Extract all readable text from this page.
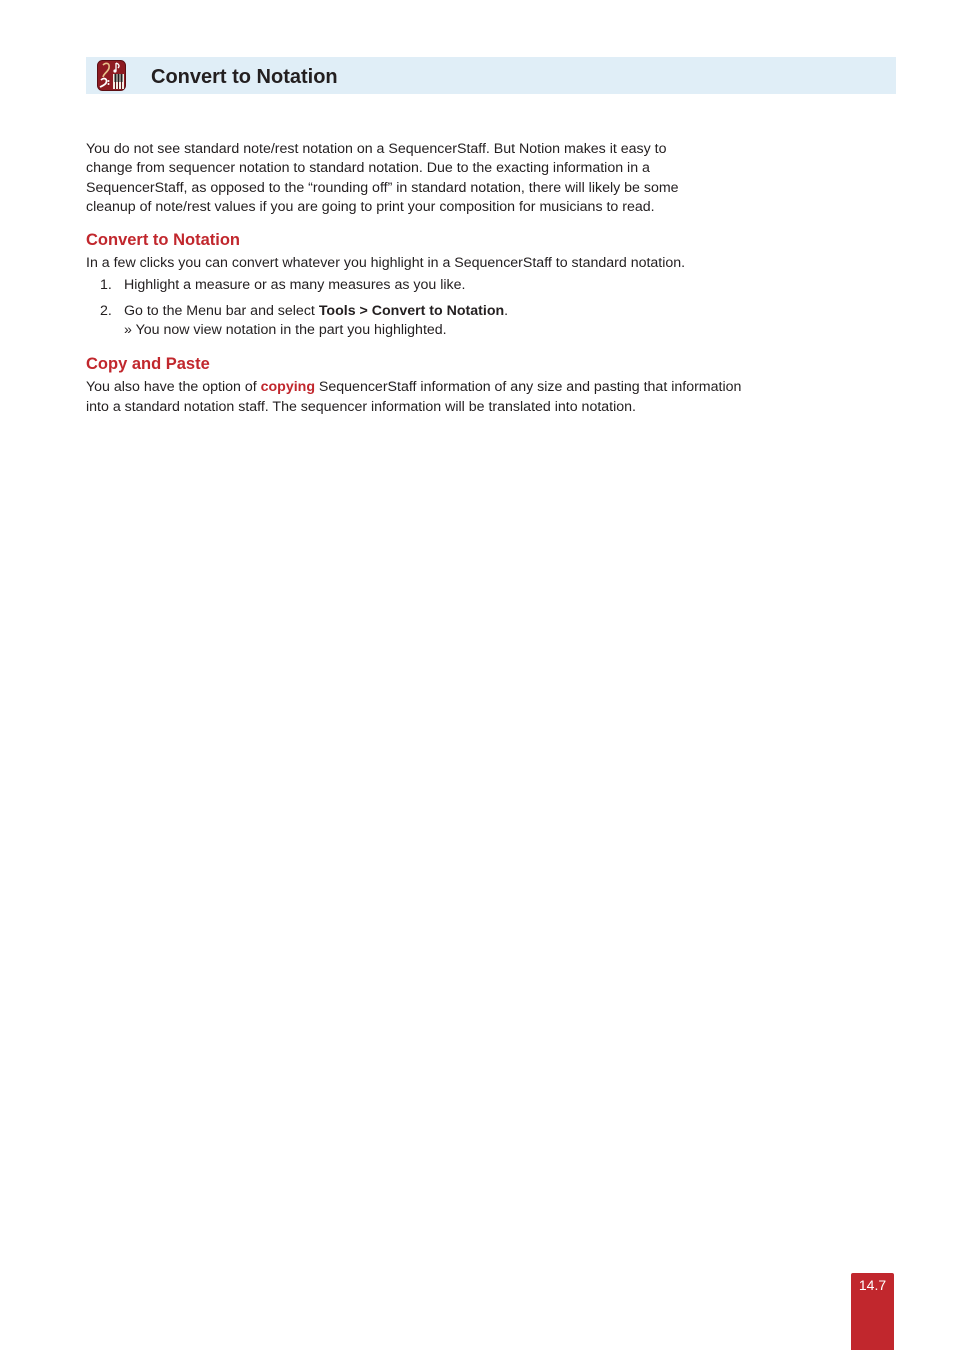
Convert to Notation

You do not see standard note/rest notation on a SequencerStaff. But Notion makes it easy to
change from sequencer notation to standard notation. Due to the exacting information in a
SequencerStaff, as opposed to the “rounding off” in standard notation, there will likely be some
cleanup of note/rest values if you are going to print your composition for musicians to read.

Convert to Notation

In a few clicks you can convert whatever you highlight in a SequencerStaff to standard notation.

1. Highlight a measure or as many measures as you like.
2. Go to the Menu bar and select Tools > Convert to Notation.
» You now view notation in the part you highlighted.
Copy and Paste

You also have the option of copying SequencerStaff information of any size and pasting that information
into a standard notation staff. The sequencer information will be translated into notation.

14.7
